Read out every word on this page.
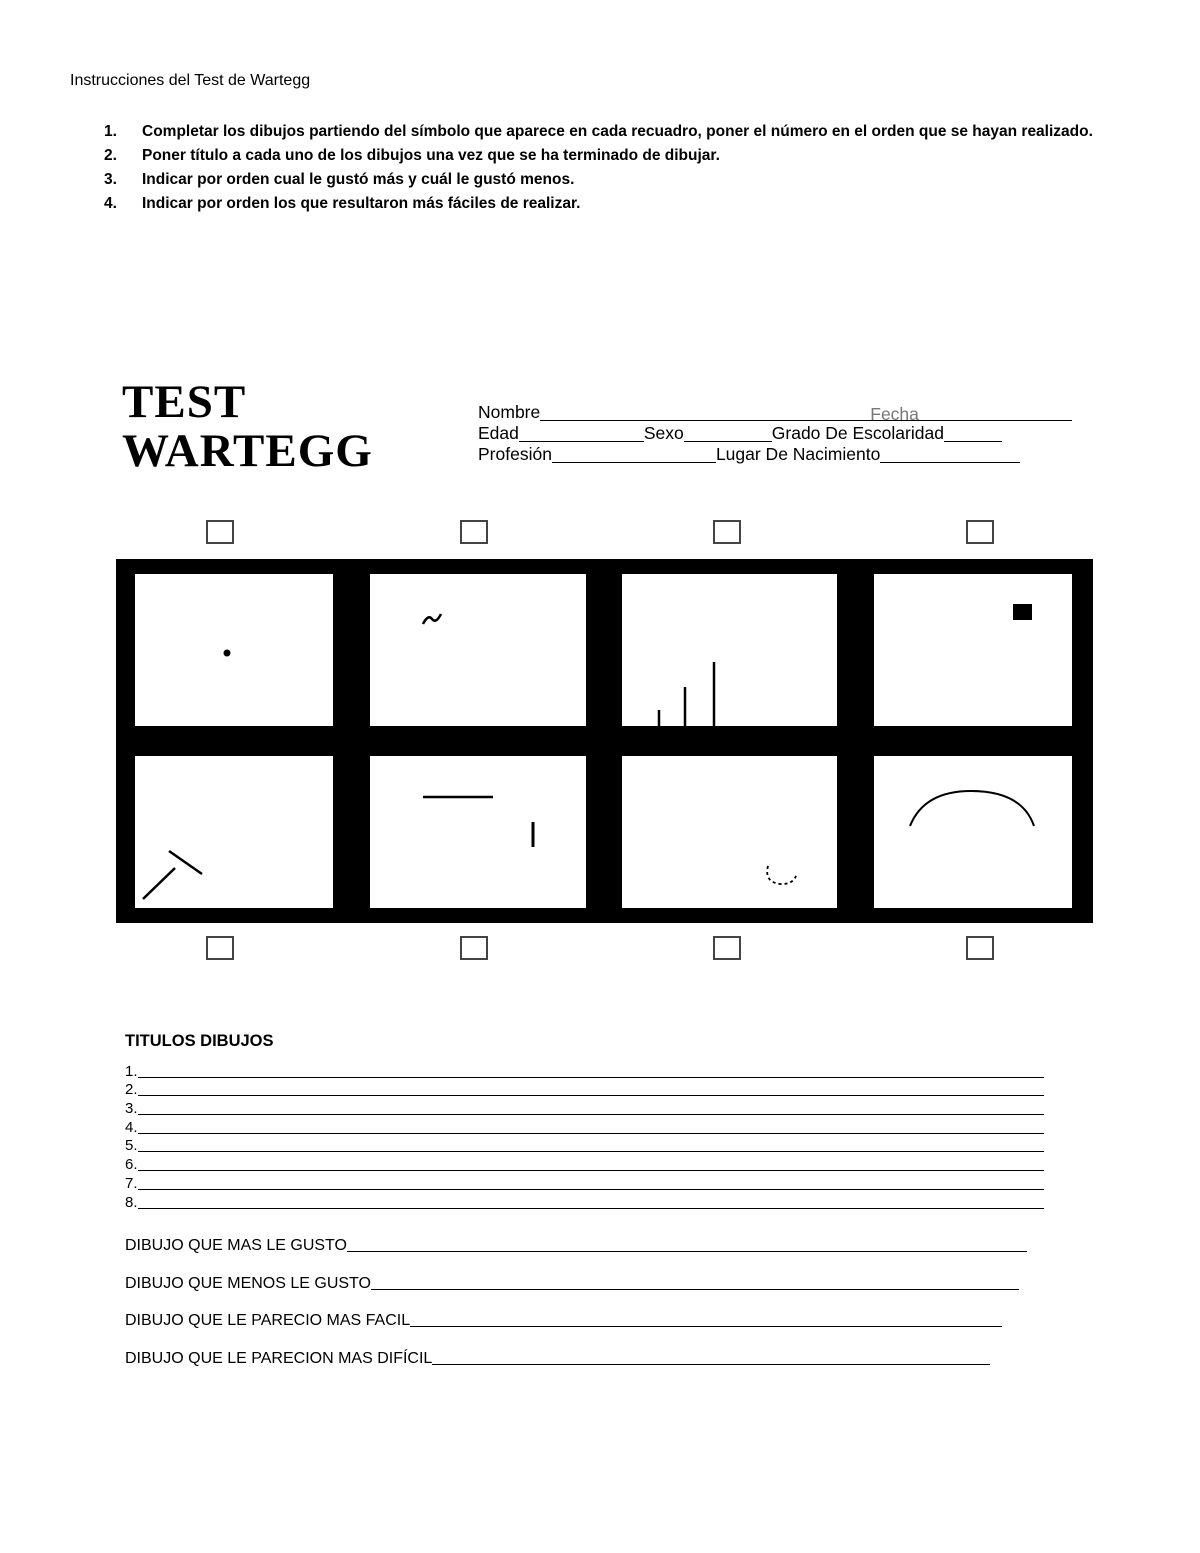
Instrucciones del Test de Wartegg
1. Completar los dibujos partiendo del símbolo que aparece en cada recuadro, poner el número en el orden que se hayan realizado.
2. Poner título a cada uno de los dibujos una vez que se ha terminado de dibujar.
3. Indicar por orden cual le gustó más y cuál le gustó menos.
4. Indicar por orden los que resultaron más fáciles de realizar.
TEST
WARTEGG
Nombre	Fecha
Edad	Sexo	Grado De Escolaridad
Profesión	Lugar De Nacimiento
TITULOS DIBUJOS
1.
2.
3.
4.
5.
6.
7.
8.
DIBUJO QUE MAS LE GUSTO
DIBUJO QUE MENOS LE GUSTO
DIBUJO QUE LE PARECIO MAS FACIL
DIBUJO QUE LE PARECION MAS DIFÍCIL
